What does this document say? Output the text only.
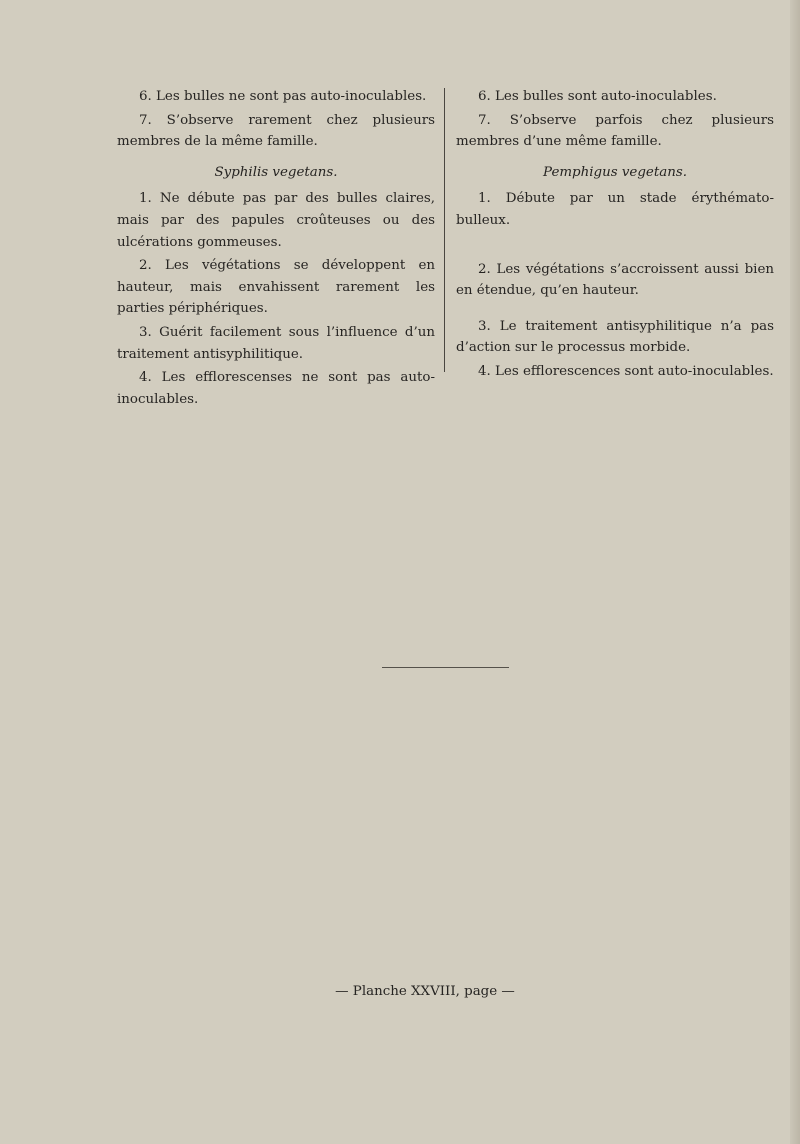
6. Les bulles ne sont pas auto-inoculables.

7. S’observe rarement chez plusieurs membres de la même famille.

Syphilis vegetans.

1. Ne débute pas par des bulles claires, mais par des papules croûteuses ou des ulcérations gommeuses.

2. Les végétations se développent en hauteur, mais envahissent rarement les parties périphériques.

3. Guérit facilement sous l’influence d’un traitement antisyphilitique.

4. Les efflorescenses ne sont pas auto-inoculables.

6. Les bulles sont auto-inoculables.

7. S’observe parfois chez plusieurs membres d’une même famille.

Pemphigus vegetans.

1. Débute par un stade érythémato-bulleux.

2. Les végétations s’accroissent aussi bien en étendue, qu’en hauteur.

3. Le traitement antisyphilitique n’a pas d’action sur le processus morbide.

4. Les efflorescences sont auto-inoculables.

— Planche XXVIII, page —
